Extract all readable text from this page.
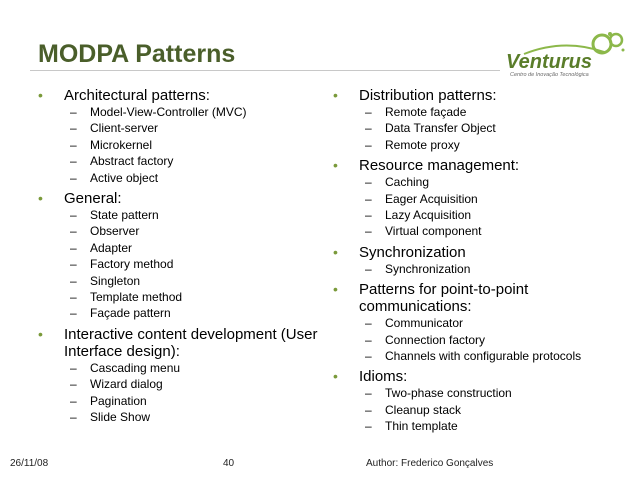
MODPA Patterns	Venturus
Centro de Inovação Tecnológica
• Architectural patterns:
– Model-View-Controller (MVC)
– Client-server
– Microkernel
– Abstract factory
– Active object
• General:
– State pattern
– Observer
– Adapter
– Factory method
– Singleton
– Template method
– Façade pattern
• Interactive content development (User Interface design):
– Cascading menu
– Wizard dialog
– Pagination
– Slide Show
• Distribution patterns:
– Remote façade
– Data Transfer Object
– Remote proxy
• Resource management:
– Caching
– Eager Acquisition
– Lazy Acquisition
– Virtual component
• Synchronization
– Synchronization
• Patterns for point-to-point communications:
– Communicator
– Connection factory
– Channels with configurable protocols
• Idioms:
– Two-phase construction
– Cleanup stack
– Thin template
26/11/08	40	Author: Frederico Gonçalves
